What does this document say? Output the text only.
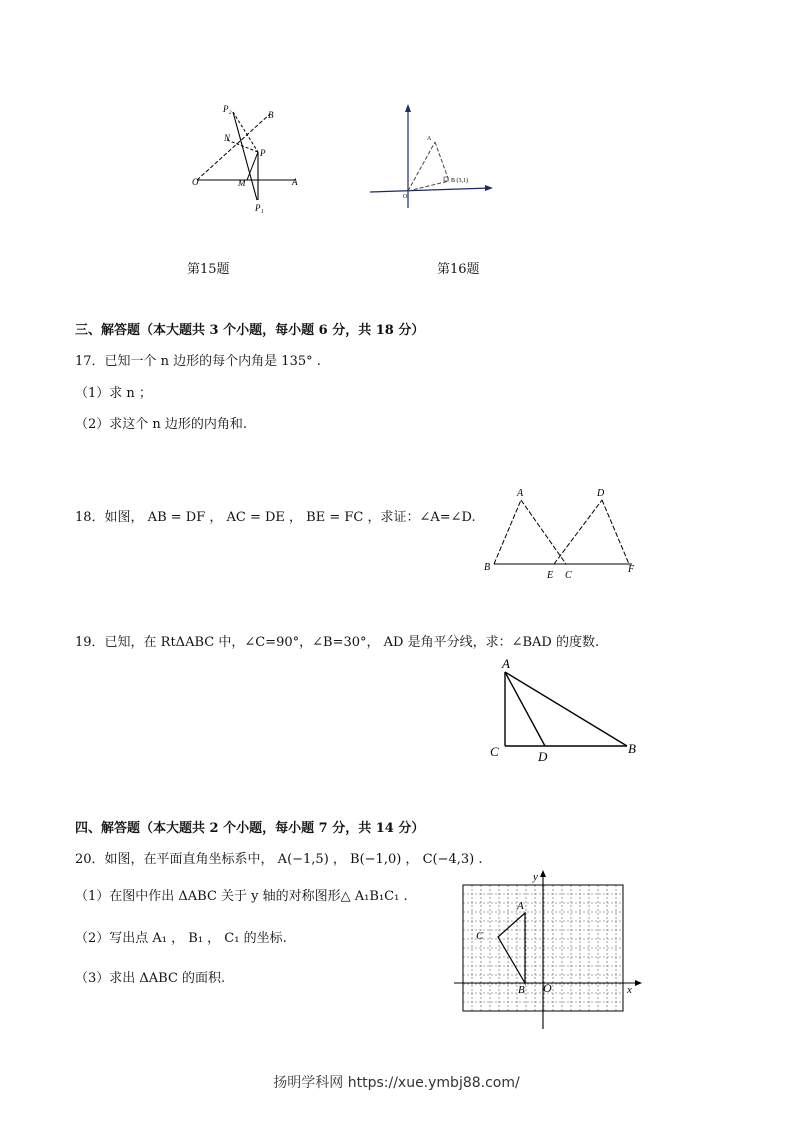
P₂
B
N
P
O	M	A
P₁
A
B (3,1)
O
第15题	第16题
三、解答题（本大题共 3 个小题，每小题 6 分，共 18 分）
17．已知一个 n 边形的每个内角是 135° .
（1）求 n ；
（2）求这个 n 边形的内角和.
18．如图， AB = DF ， AC = DE ， BE = FC ，求证：∠A=∠D.
A	D
B
E C
F
19．已知，在 RtΔABC 中，∠C=90°，∠B=30°， AD 是角平分线，求：∠BAD 的度数.
A
C	D
B
四、解答题（本大题共 2 个小题，每小题 7 分，共 14 分）
20．如图，在平面直角坐标系中， A(−1,5) ， B(−1,0) ， C(−4,3) .
（1）在图中作出 ΔABC 关于 y 轴的对称图形△ A₁B₁C₁ .
（2）写出点 A₁ ， B₁ ， C₁ 的坐标.
（3）求出 ΔABC 的面积.
y
A
C
B O	x
扬明学科网 https://xue.ymbj88.com/
